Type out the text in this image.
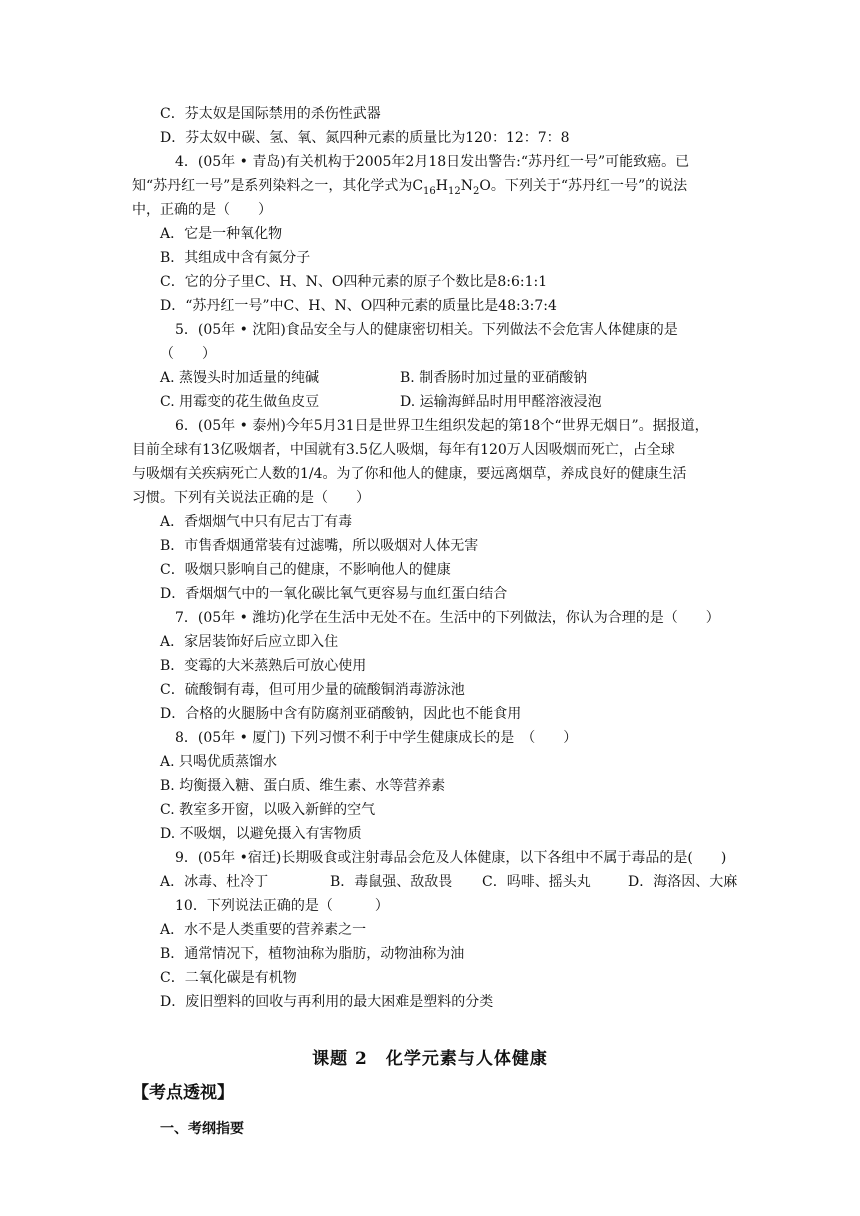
C．芬太奴是国际禁用的杀伤性武器
D．芬太奴中碳、氢、氧、氮四种元素的质量比为120：12：7：8
4．(05年 • 青岛)有关机构于2005年2月18日发出警告:“苏丹红一号”可能致癌。已
知“苏丹红一号”是系列染料之一，其化学式为$C_{16}H_{12}N_2O$。下列关于“苏丹红一号”的说法
中，正确的是（　　）
A．它是一种氧化物
B．其组成中含有氮分子
C．它的分子里C、H、N、O四种元素的原子个数比是8:6:1:1
D．“苏丹红一号”中C、H、N、O四种元素的质量比是48:3:7:4
5．(05年 • 沈阳)食品安全与人的健康密切相关。下列做法不会危害人体健康的是
（　　）
A. 蒸馒头时加适量的纯碱	B. 制香肠时加过量的亚硝酸钠
C. 用霉变的花生做鱼皮豆	D. 运输海鲜品时用甲醛溶液浸泡
6．(05年 • 泰州)今年5月31日是世界卫生组织发起的第18个“世界无烟日”。据报道，
目前全球有13亿吸烟者，中国就有3.5亿人吸烟，每年有120万人因吸烟而死亡，占全球
与吸烟有关疾病死亡人数的1/4。为了你和他人的健康，要远离烟草，养成良好的健康生活
习惯。下列有关说法正确的是（　　）
A．香烟烟气中只有尼古丁有毒
B．市售香烟通常装有过滤嘴，所以吸烟对人体无害
C．吸烟只影响自己的健康，不影响他人的健康
D．香烟烟气中的一氧化碳比氧气更容易与血红蛋白结合
7．(05年 • 潍坊)化学在生活中无处不在。生活中的下列做法，你认为合理的是（　　）
A．家居装饰好后应立即入住
B．变霉的大米蒸熟后可放心使用
C．硫酸铜有毒，但可用少量的硫酸铜消毒游泳池
D．合格的火腿肠中含有防腐剂亚硝酸钠，因此也不能食用
8．(05年 • 厦门) 下列习惯不利于中学生健康成长的是　（　　）
A. 只喝优质蒸馏水
B. 均衡摄入糖、蛋白质、维生素、水等营养素
C. 教室多开窗，以吸入新鲜的空气
D. 不吸烟，以避免摄入有害物质
9．(05年 •宿迁)长期吸食或注射毒品会危及人体健康，以下各组中不属于毒品的是(　　)
A．冰毒、杜冷丁	B．毒鼠强、敌敌畏 C．吗啡、摇头丸	D．海洛因、大麻
10．下列说法正确的是（　　　）
A．水不是人类重要的营养素之一
B．通常情况下，植物油称为脂肪，动物油称为油
C．二氧化碳是有机物
D．废旧塑料的回收与再利用的最大困难是塑料的分类
课题 2　化学元素与人体健康
【考点透视】
一、考纲指要
